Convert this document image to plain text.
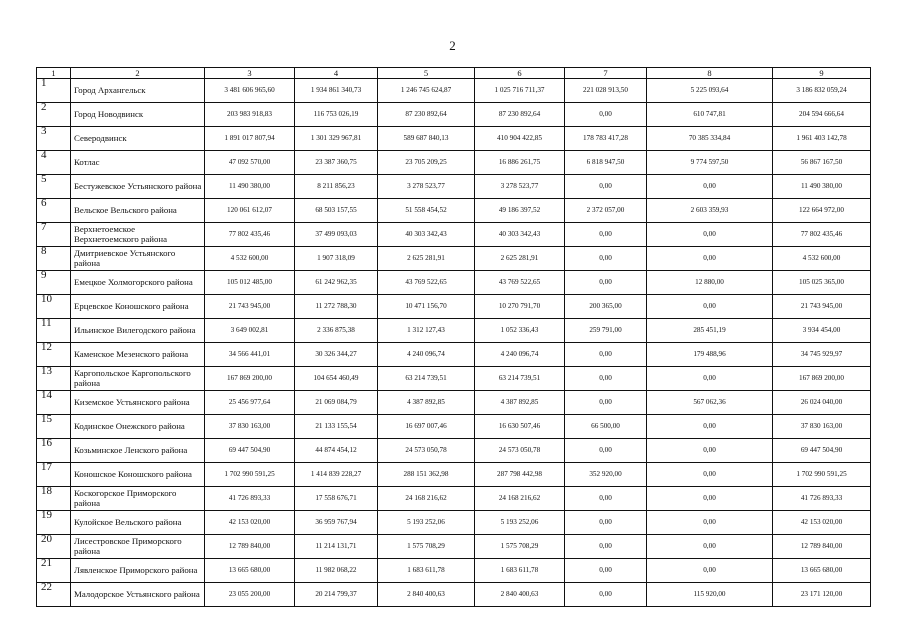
2
1	2	3	4	5	6	7	8	9
1	Город Архангельск	3 481 606 965,60	1 934 861 340,73	1 246 745 624,87	1 025 716 711,37	221 028 913,50	5 225 093,64	3 186 832 059,24
2	Город Новодвинск	203 983 918,83	116 753 026,19	87 230 892,64	87 230 892,64	0,00	610 747,81	204 594 666,64
3	Северодвинск	1 891 017 807,94	1 301 329 967,81	589 687 840,13	410 904 422,85	178 783 417,28	70 385 334,84	1 961 403 142,78
4	Котлас	47 092 570,00	23 387 360,75	23 705 209,25	16 886 261,75	6 818 947,50	9 774 597,50	56 867 167,50
5	Бестужевское Устьянского района	11 490 380,00	8 211 856,23	3 278 523,77	3 278 523,77	0,00	0,00	11 490 380,00
6	Вельское Вельского района	120 061 612,07	68 503 157,55	51 558 454,52	49 186 397,52	2 372 057,00	2 603 359,93	122 664 972,00
7	Верхнетоемское Верхнетоемского района	77 802 435,46	37 499 093,03	40 303 342,43	40 303 342,43	0,00	0,00	77 802 435,46
8	Дмитриевское Устьянского района	4 532 600,00	1 907 318,09	2 625 281,91	2 625 281,91	0,00	0,00	4 532 600,00
9	Емецкое Холмогорского района	105 012 485,00	61 242 962,35	43 769 522,65	43 769 522,65	0,00	12 880,00	105 025 365,00
10	Ерцевское Коношского района	21 743 945,00	11 272 788,30	10 471 156,70	10 270 791,70	200 365,00	0,00	21 743 945,00
11	Ильинское Вилегодского района	3 649 002,81	2 336 875,38	1 312 127,43	1 052 336,43	259 791,00	285 451,19	3 934 454,00
12	Каменское Мезенского района	34 566 441,01	30 326 344,27	4 240 096,74	4 240 096,74	0,00	179 488,96	34 745 929,97
13	Каргопольское Каргопольского района	167 869 200,00	104 654 460,49	63 214 739,51	63 214 739,51	0,00	0,00	167 869 200,00
14	Киземское Устьянского района	25 456 977,64	21 069 084,79	4 387 892,85	4 387 892,85	0,00	567 062,36	26 024 040,00
15	Кодинское Онежского района	37 830 163,00	21 133 155,54	16 697 007,46	16 630 507,46	66 500,00	0,00	37 830 163,00
16	Козьминское Ленского района	69 447 504,90	44 874 454,12	24 573 050,78	24 573 050,78	0,00	0,00	69 447 504,90
17	Коношское Коношского района	1 702 990 591,25	1 414 839 228,27	288 151 362,98	287 798 442,98	352 920,00	0,00	1 702 990 591,25
18	Коскогорское Приморского района	41 726 893,33	17 558 676,71	24 168 216,62	24 168 216,62	0,00	0,00	41 726 893,33
19	Кулойское Вельского района	42 153 020,00	36 959 767,94	5 193 252,06	5 193 252,06	0,00	0,00	42 153 020,00
20	Лисестровское Приморского района	12 789 840,00	11 214 131,71	1 575 708,29	1 575 708,29	0,00	0,00	12 789 840,00
21	Лявленское Приморского района	13 665 680,00	11 982 068,22	1 683 611,78	1 683 611,78	0,00	0,00	13 665 680,00
22	Малодорское Устьянского района	23 055 200,00	20 214 799,37	2 840 400,63	2 840 400,63	0,00	115 920,00	23 171 120,00
